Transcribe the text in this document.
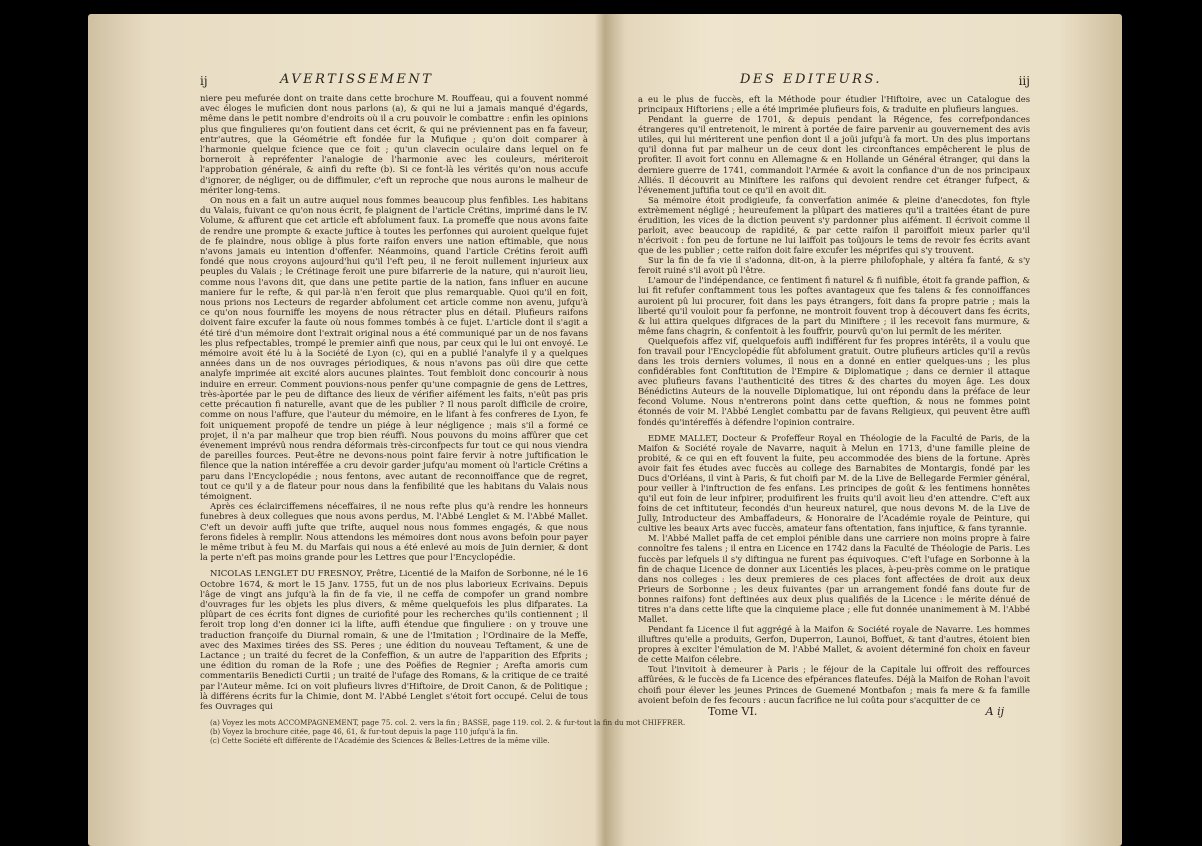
ij	AVERTISSEMENT

niere peu mefurée dont on traite dans cette brochure M. Rouffeau, qui a fouvent nommé avec éloges le muficien dont nous parlons (a), & qui ne lui a jamais manqué d'égards, même dans le petit nombre d'endroits où il a cru pouvoir le combattre : enfin les opinions plus que fingulieres qu'on foutient dans cet écrit, & qui ne préviennent pas en fa faveur, entr'autres, que la Géométrie eft fondée fur la Mufique ; qu'on doit comparer à l'harmonie quelque fcience que ce foit ; qu'un clavecin oculaire dans lequel on fe borneroit à repréfenter l'analogie de l'harmonie avec les couleurs, mériteroit l'approbation générale, & ainfi du refte (b). Si ce font-là les vérités qu'on nous accufe d'ignorer, de négliger, ou de diffimuler, c'eft un reproche que nous aurons le malheur de mériter long-tems.

On nous en a fait un autre auquel nous fommes beaucoup plus fenfibles. Les habitans du Valais, fuivant ce qu'on nous écrit, fe plaignent de l'article Crétins, imprimé dans le IV. Volume, & affurent que cet article eft abfolument faux. La promeffe que nous avons faite de rendre une prompte & exacte juftice à toutes les perfonnes qui auroient quelque fujet de fe plaindre, nous oblige à plus forte raifon envers une nation eftimable, que nous n'avons jamais eu intention d'offenfer. Néanmoins, quand l'article Crétins feroit auffi fondé que nous croyons aujourd'hui qu'il l'eft peu, il ne feroit nullement injurieux aux peuples du Valais ; le Crétinage feroit une pure bifarrerie de la nature, qui n'auroit lieu, comme nous l'avons dit, que dans une petite partie de la nation, fans influer en aucune maniere fur le refte, & qui par-là n'en feroit que plus remarquable. Quoi qu'il en foit, nous prions nos Lecteurs de regarder abfolument cet article comme non avenu, jufqu'à ce qu'on nous fourniffe les moyens de nous rétracter plus en détail. Plufieurs raifons doivent faire excufer la faute où nous fommes tombés à ce fujet. L'article dont il s'agit a été tiré d'un mémoire dont l'extrait original nous a été communiqué par un de nos favans les plus refpectables, trompé le premier ainfi que nous, par ceux qui le lui ont envoyé. Le mémoire avoit été lu à la Société de Lyon (c), qui en a publié l'analyfe il y a quelques années dans un de nos ouvrages périodiques, & nous n'avons pas oüi dire que cette analyfe imprimée ait excité alors aucunes plaintes. Tout fembloit donc concourir à nous induire en erreur. Comment pouvions-nous penfer qu'une compagnie de gens de Lettres, très-àportée par le peu de diftance des lieux de vérifier aifément les faits, n'eût pas pris cette précaution fi naturelle, avant que de les publier ? Il nous paroît difficile de croire, comme on nous l'affure, que l'auteur du mémoire, en le lifant à fes confreres de Lyon, fe foit uniquement propofé de tendre un piége à leur négligence ; mais s'il a formé ce projet, il n'a par malheur que trop bien réuffi. Nous pouvons du moins affûrer que cet évenement imprévû nous rendra déformais très-circonfpects fur tout ce qui nous viendra de pareilles fources. Peut-être ne devons-nous point faire fervir à notre juftification le filence que la nation intéreffée a cru devoir garder jufqu'au moment où l'article Crétins a paru dans l'Encyclopédie ; nous fentons, avec autant de reconnoiffance que de regret, tout ce qu'il y a de flateur pour nous dans la fenfibilité que les habitans du Valais nous témoignent.

Après ces éclairciffemens néceffaires, il ne nous refte plus qu'à rendre les honneurs funebres à deux collegues que nous avons perdus, M. l'Abbé Lenglet & M. l'Abbé Mallet. C'eft un devoir auffi jufte que trifte, auquel nous nous fommes engagés, & que nous ferons fideles à remplir. Nous attendons les mémoires dont nous avons befoin pour payer le même tribut à feu M. du Marfais qui nous a été enlevé au mois de Juin dernier, & dont la perte n'eft pas moins grande pour les Lettres que pour l'Encyclopédie.

NICOLAS LENGLET DU FRESNOY, Prêtre, Licentié de la Maifon de Sorbonne, né le 16 Octobre 1674, & mort le 15 Janv. 1755, fut un de nos plus laborieux Ecrivains. Depuis l'âge de vingt ans jufqu'à la fin de fa vie, il ne ceffa de compofer un grand nombre d'ouvrages fur les objets les plus divers, & même quelquefois les plus difparates. La plûpart de ces écrits font dignes de curiofité pour les recherches qu'ils contiennent ; il feroit trop long d'en donner ici la lifte, auffi étendue que finguliere : on y trouve une traduction françoife du Diurnal romain, & une de l'Imitation ; l'Ordinaire de la Meffe, avec des Maximes tirées des SS. Peres ; une édition du nouveau Teftament, & une de Lactance ; un traité du fecret de la Confeffion, & un autre de l'apparition des Efprits ; une édition du roman de la Rofe ; une des Poëfies de Regnier ; Arefta amoris cum commentariis Benedicti Curtii ; un traité de l'ufage des Romans, & la critique de ce traité par l'Auteur même. Ici on voit plufieurs livres d'Hiftoire, de Droit Canon, & de Politique ; là différens écrits fur la Chimie, dont M. l'Abbé Lenglet s'étoit fort occupé. Celui de tous fes Ouvrages qui

(a) Voyez les mots ACCOMPAGNEMENT, page 75. col. 2. vers la fin ; BASSE, page 119. col. 2. & fur-tout la fin du mot CHIFFRER.
(b) Voyez la brochure citée, page 46, 61, & fur-tout depuis la page 110 jufqu'à la fin.
(c) Cette Société eft différente de l'Académie des Sciences & Belles-Lettres de la même ville.
DES EDITEURS.	iij

a eu le plus de fuccès, eft la Méthode pour étudier l'Hiftoire, avec un Catalogue des principaux Hiftoriens ; elle a été imprimée plufieurs fois, & traduite en plufieurs langues.

Pendant la guerre de 1701, & depuis pendant la Régence, fes correfpondances étrangeres qu'il entretenoit, le mirent à portée de faire parvenir au gouvernement des avis utiles, qui lui mériterent une penfion dont il a joüi jufqu'à fa mort. Un des plus importans qu'il donna fut par malheur un de ceux dont les circonftances empêcherent le plus de profiter. Il avoit fort connu en Allemagne & en Hollande un Général étranger, qui dans la derniere guerre de 1741, commandoit l'Armée & avoit la confiance d'un de nos principaux Alliés. Il découvrit au Miniftere les raifons qui devoient rendre cet étranger fufpect, & l'évenement juftifia tout ce qu'il en avoit dit.

Sa mémoire étoit prodigieufe, fa converfation animée & pleine d'anecdotes, fon ftyle extrèmement négligé ; heureufement la plûpart des matieres qu'il a traitées étant de pure érudition, les vices de la diction peuvent s'y pardonner plus aifément. Il écrivoit comme il parloit, avec beaucoup de rapidité, & par cette raifon il paroiffoit mieux parler qu'il n'écrivoit : fon peu de fortune ne lui laiffoit pas toûjours le tems de revoir fes écrits avant que de les publier ; cette raifon doit faire excufer les méprifes qui s'y trouvent.

Sur la fin de fa vie il s'adonna, dit-on, à la pierre philofophale, y altéra fa fanté, & s'y feroit ruiné s'il avoit pû l'être.

L'amour de l'indépendance, ce fentiment fi naturel & fi nuifible, étoit fa grande paffion, & lui fit refufer conftamment tous les poftes avantageux que fes talens & fes connoiffances auroient pû lui procurer, foit dans les pays étrangers, foit dans fa propre patrie ; mais la liberté qu'il vouloit pour fa perfonne, ne montroit fouvent trop à découvert dans fes écrits, & lui attira quelques difgraces de la part du Miniftere ; il les recevoit fans murmure, & même fans chagrin, & confentoit à les fouffrir, pourvû qu'on lui permît de les mériter.

Quelquefois affez vif, quelquefois auffi indifférent fur fes propres intérêts, il a voulu que fon travail pour l'Encyclopédie fût abfolument gratuit. Outre plufieurs articles qu'il a revûs dans les trois derniers volumes, il nous en a donné en entier quelques-uns ; les plus confidérables font Conftitution de l'Empire & Diplomatique ; dans ce dernier il attaque avec plufieurs favans l'authenticité des titres & des chartes du moyen âge. Les doux Bénédictins Auteurs de la nouvelle Diplomatique, lui ont répondu dans la préface de leur fecond Volume. Nous n'entrerons point dans cette queftion, & nous ne fommes point étonnés de voir M. l'Abbé Lenglet combattu par de favans Religieux, qui peuvent être auffi fondés qu'intéreffés à défendre l'opinion contraire.

EDME MALLET, Docteur & Profeffeur Royal en Théologie de la Faculté de Paris, de la Maifon & Société royale de Navarre, naquit à Melun en 1713, d'une famille pleine de probité, & ce qui en eft fouvent la fuite, peu accommodée des biens de la fortune. Après avoir fait fes études avec fuccès au college des Barnabites de Montargis, fondé par les Ducs d'Orléans, il vint à Paris, & fut choifi par M. de la Live de Bellegarde Fermier général, pour veiller à l'inftruction de fes enfans. Les principes de goût & les fentimens honnêtes qu'il eut foin de leur infpirer, produifirent les fruits qu'il avoit lieu d'en attendre. C'eft aux foins de cet inftituteur, fecondés d'un heureux naturel, que nous devons M. de la Live de Jully, Introducteur des Ambaffadeurs, & Honoraire de l'Académie royale de Peinture, qui cultive les beaux Arts avec fuccès, amateur fans oftentation, fans injuftice, & fans tyrannie.

M. l'Abbé Mallet paffa de cet emploi pénible dans une carriere non moins propre à faire connoître fes talens ; il entra en Licence en 1742 dans la Faculté de Théologie de Paris. Les fuccès par lefquels il s'y diftingua ne furent pas équivoques. C'eft l'ufage en Sorbonne à la fin de chaque Licence de donner aux Licentiés les places, à-peu-près comme on le pratique dans nos colleges : les deux premieres de ces places font affectées de droit aux deux Prieurs de Sorbonne ; les deux fuivantes (par un arrangement fondé fans doute fur de bonnes raifons) font deftinées aux deux plus qualifiés de la Licence : le mérite dénué de titres n'a dans cette lifte que la cinquieme place ; elle fut donnée unanimement à M. l'Abbé Mallet.

Pendant fa Licence il fut aggrégé à la Maifon & Société royale de Navarre. Les hommes illuftres qu'elle a produits, Gerfon, Duperron, Launoi, Boffuet, & tant d'autres, étoient bien propres à exciter l'émulation de M. l'Abbé Mallet, & avoient déterminé fon choix en faveur de cette Maifon célebre.

Tout l'invitoit à demeurer à Paris ; le féjour de la Capitale lui offroit des reffources affûrées, & le fuccès de fa Licence des efpérances flateufes. Déjà la Maifon de Rohan l'avoit choifi pour élever les jeunes Princes de Guemené Montbafon ; mais fa mere & fa famille avoient befoin de fes fecours : aucun facrifice ne lui coûta pour s'acquitter de ce

Tome VI.	A ij
